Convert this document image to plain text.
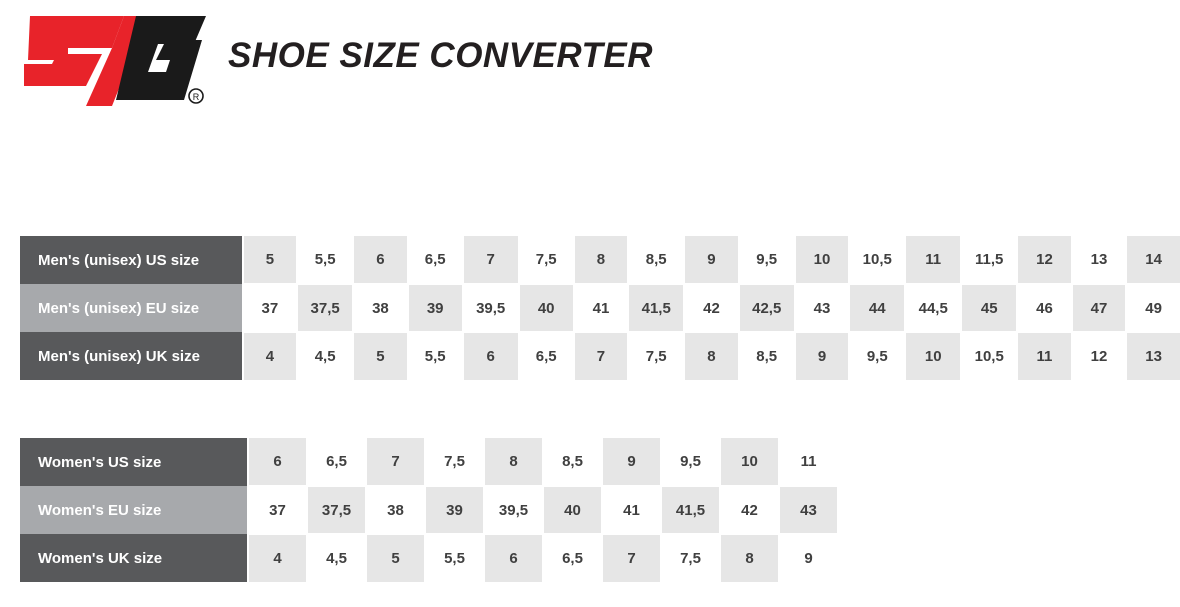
R
SHOE SIZE CONVERTER
Men's (unisex) US size	5	5,5	6	6,5	7	7,5	8	8,5	9	9,5	10	10,5	11	11,5	12	13	14
Men's (unisex) EU size	37	37,5	38	39	39,5	40	41	41,5	42	42,5	43	44	44,5	45	46	47	49
Men's (unisex) UK size	4	4,5	5	5,5	6	6,5	7	7,5	8	8,5	9	9,5	10	10,5	11	12	13
Women's US size	6	6,5	7	7,5	8	8,5	9	9,5	10	11
Women's EU size	37	37,5	38	39	39,5	40	41	41,5	42	43
Women's UK size	4	4,5	5	5,5	6	6,5	7	7,5	8	9
